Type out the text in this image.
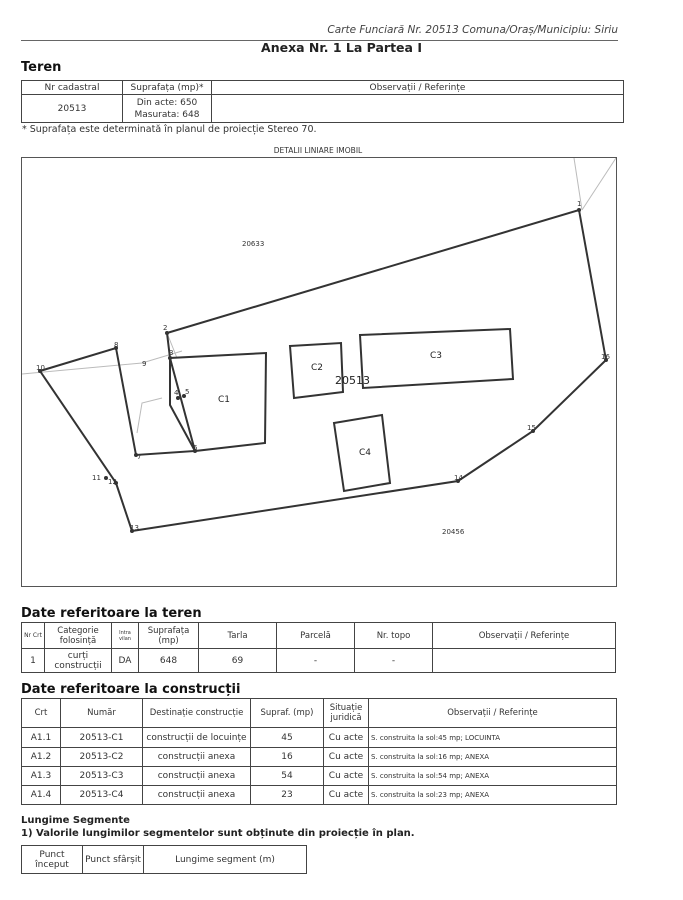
Carte Funciară Nr. 20513 Comuna/Oraș/Municipiu: Siriu
Anexa Nr. 1 La Partea I
Teren
Nr cadastral	Suprafața (mp)*	Observații / Referințe
20513	Din acte: 650
Masurata: 648	

* Suprafața este determinată în planul de proiecție Stereo 70.
DETALII LINIARE IMOBIL
20633
20456
20513
C1
C2
C3
C4
1
2
3
4 5
6
7
8
9
10
11 12
13
14
15
16
Date referitoare la teren
Nr Crt	Categorie folosință	Intra vilan	Suprafața (mp)	Tarla	Parcelă	Nr. topo	Observații / Referințe
1	curți construcții	DA	648	69	-	-	
Date referitoare la construcții
Crt	Număr	Destinație construcție	Supraf. (mp)	Situație juridică	Observații / Referințe
A1.1	20513-C1	construcții de locuințe	45	Cu acte	S. construita la sol:45 mp; LOCUINTA
A1.2	20513-C2	construcții anexa	16	Cu acte	S. construita la sol:16 mp; ANEXA
A1.3	20513-C3	construcții anexa	54	Cu acte	S. construita la sol:54 mp; ANEXA
A1.4	20513-C4	construcții anexa	23	Cu acte	S. construita la sol:23 mp; ANEXA
Lungime Segmente
1) Valorile lungimilor segmentelor sunt obținute din proiecție în plan.
Punct început	Punct sfârșit	Lungime segment (m)
